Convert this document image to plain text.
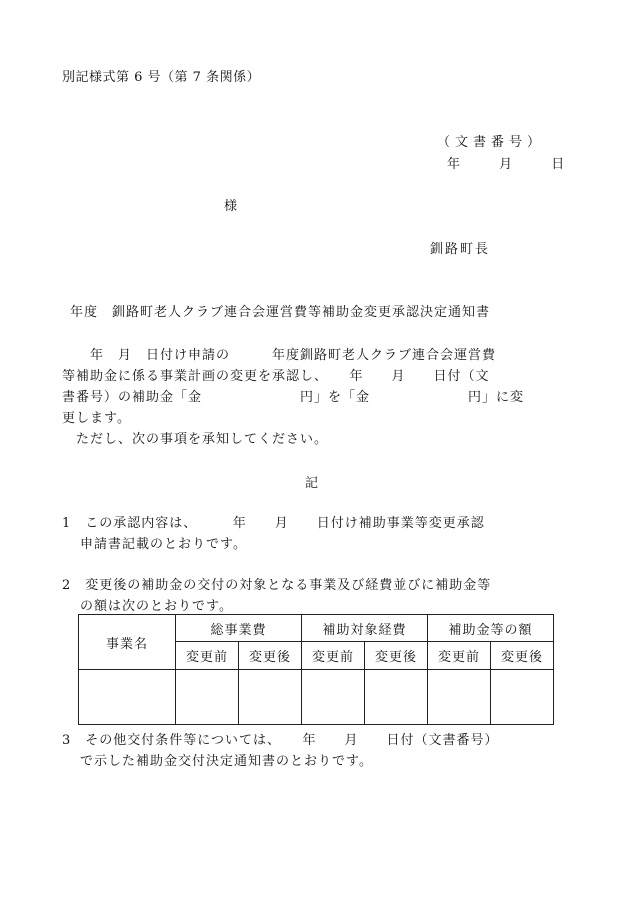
別記様式第 6 号（第 7 条関係）
（文書番号）
年	月	日
様
釧路町長
年度　釧路町老人クラブ連合会運営費等補助金変更承認決定通知書

　　年　月　日付け申請の　　　年度釧路町老人クラブ連合会運営費

等補助金に係る事業計画の変更を承認し、　　年　　月　　日付（文

書番号）の補助金「金　　　　　　　円」を「金　　　　　　　円」に変

更します。

　ただし、次の事項を承知してください。

記

1　この承認内容は、　　　年　　月　　日付け補助事業等変更承認

申請書記載のとおりです。

2　変更後の補助金の交付の対象となる事業及び経費並びに補助金等

の額は次のとおりです。

事業名	総事業費		補助対象経費		補助金等の額	
	変更前	変更後	変更前	変更後	変更前	変更後

3　その他交付条件等については、　　年　　月　　日付（文書番号）

で示した補助金交付決定通知書のとおりです。
